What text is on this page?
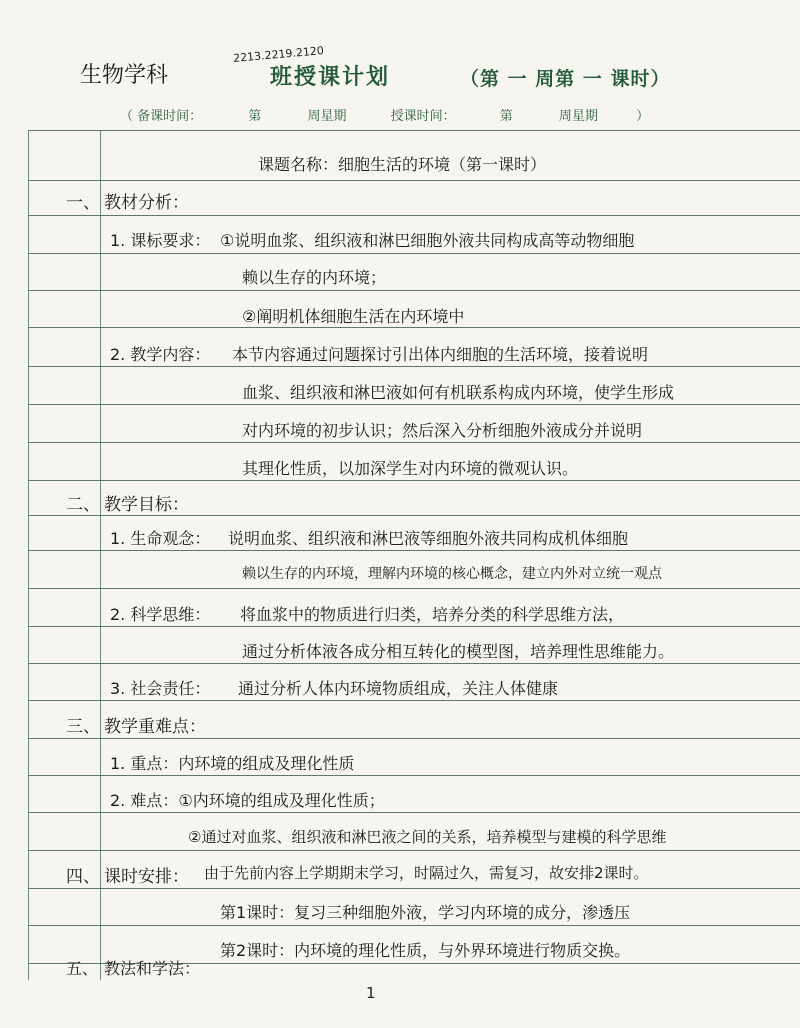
生物学科
2213.2219.2120
班授课计划	（第 一 周第 一 课时）
（ 备课时间：	第	周星期	授课时间：	第	周星期	）
课题名称：细胞生活的环境（第一课时）
一、 教材分析：
1. 课标要求： ①说明血浆、组织液和淋巴细胞外液共同构成高等动物细胞
赖以生存的内环境；
②阐明机体细胞生活在内环境中
2. 教学内容： 本节内容通过问题探讨引出体内细胞的生活环境，接着说明
血浆、组织液和淋巴液如何有机联系构成内环境，使学生形成
对内环境的初步认识；然后深入分析细胞外液成分并说明
其理化性质，以加深学生对内环境的微观认识。
二、 教学目标：
1. 生命观念： 说明血浆、组织液和淋巴液等细胞外液共同构成机体细胞
赖以生存的内环境，理解内环境的核心概念，建立内外对立统一观点
2. 科学思维： 将血浆中的物质进行归类，培养分类的科学思维方法，
通过分析体液各成分相互转化的模型图，培养理性思维能力。
3. 社会责任： 通过分析人体内环境物质组成，关注人体健康
三、 教学重难点：
1. 重点：内环境的组成及理化性质
2. 难点：①内环境的组成及理化性质；
②通过对血浆、组织液和淋巴液之间的关系，培养模型与建模的科学思维
四、 课时安排： 由于先前内容上学期期末学习，时隔过久，需复习，故安排2课时。
第1课时：复习三种细胞外液，学习内环境的成分，渗透压
第2课时：内环境的理化性质，与外界环境进行物质交换。
五、 教法和学法：
1
